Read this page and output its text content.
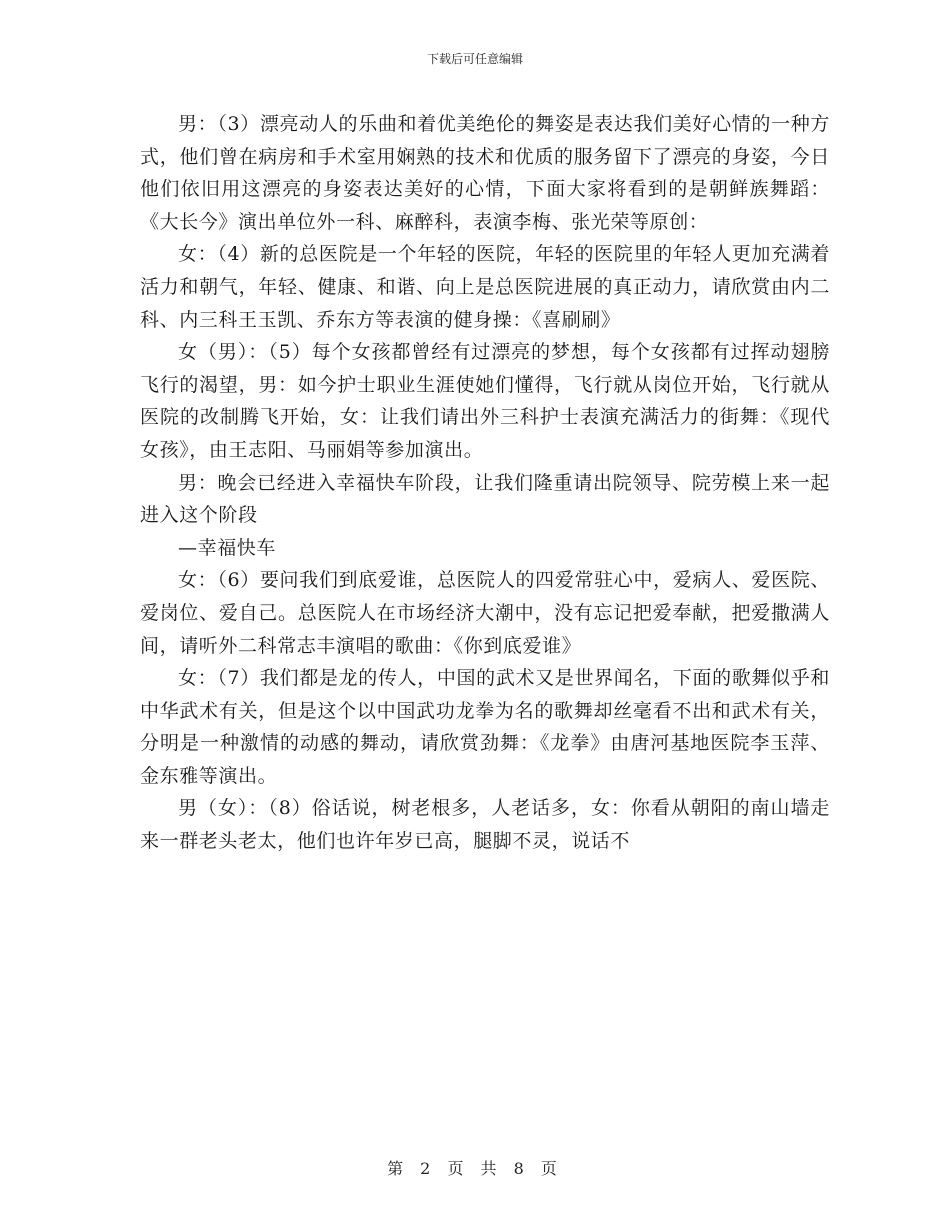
下载后可任意编辑

男：（3）漂亮动人的乐曲和着优美绝伦的舞姿是表达我们美好心情的一种方式，他们曾在病房和手术室用娴熟的技术和优质的服务留下了漂亮的身姿，今日他们依旧用这漂亮的身姿表达美好的心情，下面大家将看到的是朝鲜族舞蹈：《大长今》演出单位外一科、麻醉科，表演李梅、张光荣等原创：

女：（4）新的总医院是一个年轻的医院，年轻的医院里的年轻人更加充满着活力和朝气，年轻、健康、和谐、向上是总医院进展的真正动力，请欣赏由内二科、内三科王玉凯、乔东方等表演的健身操：《喜刷刷》

女（男）：（5）每个女孩都曾经有过漂亮的梦想，每个女孩都有过挥动翅膀飞行的渴望，男：如今护士职业生涯使她们懂得，飞行就从岗位开始，飞行就从医院的改制腾飞开始，女：让我们请出外三科护士表演充满活力的街舞：《现代女孩》，由王志阳、马丽娟等参加演出。

男：晚会已经进入幸福快车阶段，让我们隆重请出院领导、院劳模上来一起进入这个阶段

—幸福快车

女：（6）要问我们到底爱谁，总医院人的四爱常驻心中，爱病人、爱医院、爱岗位、爱自己。总医院人在市场经济大潮中，没有忘记把爱奉献，把爱撒满人间，请听外二科常志丰演唱的歌曲：《你到底爱谁》

女：（7）我们都是龙的传人，中国的武术又是世界闻名，下面的歌舞似乎和中华武术有关，但是这个以中国武功龙拳为名的歌舞却丝毫看不出和武术有关，分明是一种激情的动感的舞动，请欣赏劲舞：《龙拳》由唐河基地医院李玉萍、金东雅等演出。

男（女）：（8）俗话说，树老根多，人老话多，女：你看从朝阳的南山墙走来一群老头老太，他们也许年岁已高，腿脚不灵，说话不

第 2 页 共 8 页
